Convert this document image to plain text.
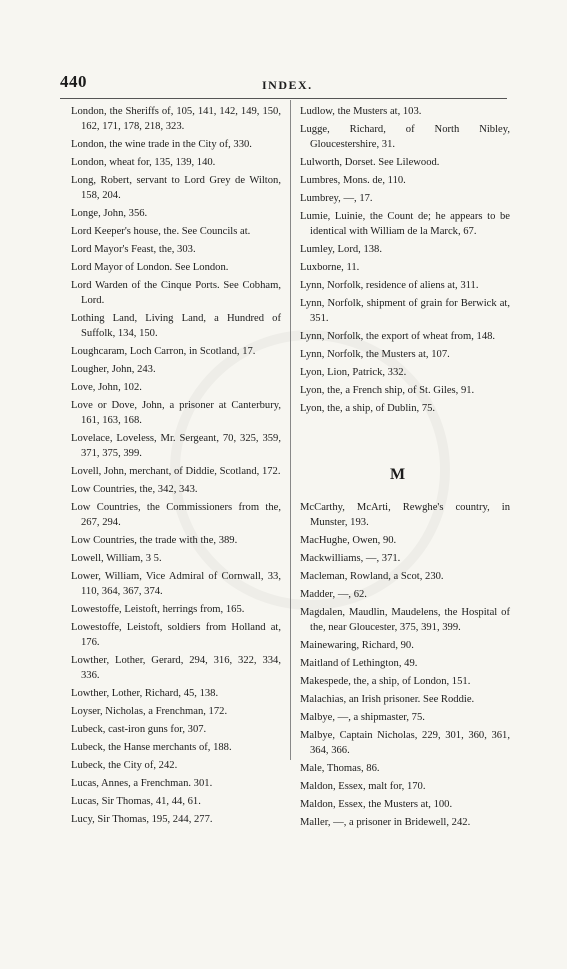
440	INDEX.
London, the Sheriffs of, 105, 141, 142, 149, 150, 162, 171, 178, 218, 323.
London, the wine trade in the City of, 330.
London, wheat for, 135, 139, 140.
Long, Robert, servant to Lord Grey de Wilton, 158, 204.
Longe, John, 356.
Lord Keeper's house, the. See Councils at.
Lord Mayor's Feast, the, 303.
Lord Mayor of London. See London.
Lord Warden of the Cinque Ports. See Cobham, Lord.
Lothing Land, Living Land, a Hundred of Suffolk, 134, 150.
Loughcaram, Loch Carron, in Scotland, 17.
Lougher, John, 243.
Love, John, 102.
Love or Dove, John, a prisoner at Canterbury, 161, 163, 168.
Lovelace, Loveless, Mr. Sergeant, 70, 325, 359, 371, 375, 399.
Lovell, John, merchant, of Diddie, Scotland, 172.
Low Countries, the, 342, 343.
Low Countries, the Commissioners from the, 267, 294.
Low Countries, the trade with the, 389.
Lowell, William, 3 5.
Lower, William, Vice Admiral of Cornwall, 33, 110, 364, 367, 374.
Lowestoffe, Leistoft, herrings from, 165.
Lowestoffe, Leistoft, soldiers from Holland at, 176.
Lowther, Lother, Gerard, 294, 316, 322, 334, 336.
Lowther, Lother, Richard, 45, 138.
Loyser, Nicholas, a Frenchman, 172.
Lubeck, cast-iron guns for, 307.
Lubeck, the Hanse merchants of, 188.
Lubeck, the City of, 242.
Lucas, Annes, a Frenchman. 301.
Lucas, Sir Thomas, 41, 44, 61.
Lucy, Sir Thomas, 195, 244, 277.
Ludlow, the Musters at, 103.
Lugge, Richard, of North Nibley, Gloucestershire, 31.
Lulworth, Dorset. See Lilewood.
Lumbres, Mons. de, 110.
Lumbrey, —, 17.
Lumie, Luinie, the Count de; he appears to be identical with William de la Marck, 67.
Lumley, Lord, 138.
Luxborne, 11.
Lynn, Norfolk, residence of aliens at, 311.
Lynn, Norfolk, shipment of grain for Berwick at, 351.
Lynn, Norfolk, the export of wheat from, 148.
Lynn, Norfolk, the Musters at, 107.
Lyon, Lion, Patrick, 332.
Lyon, the, a French ship, of St. Giles, 91.
Lyon, the, a ship, of Dublin, 75.
M
McCarthy, McArti, Rewghe's country, in Munster, 193.
MacHughe, Owen, 90.
Mackwilliams, —, 371.
Macleman, Rowland, a Scot, 230.
Madder, —, 62.
Magdalen, Maudlin, Maudelens, the Hospital of the, near Gloucester, 375, 391, 399.
Mainewaring, Richard, 90.
Maitland of Lethington, 49.
Makespede, the, a ship, of London, 151.
Malachias, an Irish prisoner. See Roddie.
Malbye, —, a shipmaster, 75.
Malbye, Captain Nicholas, 229, 301, 360, 361, 364, 366.
Male, Thomas, 86.
Maldon, Essex, malt for, 170.
Maldon, Essex, the Musters at, 100.
Maller, —, a prisoner in Bridewell, 242.
